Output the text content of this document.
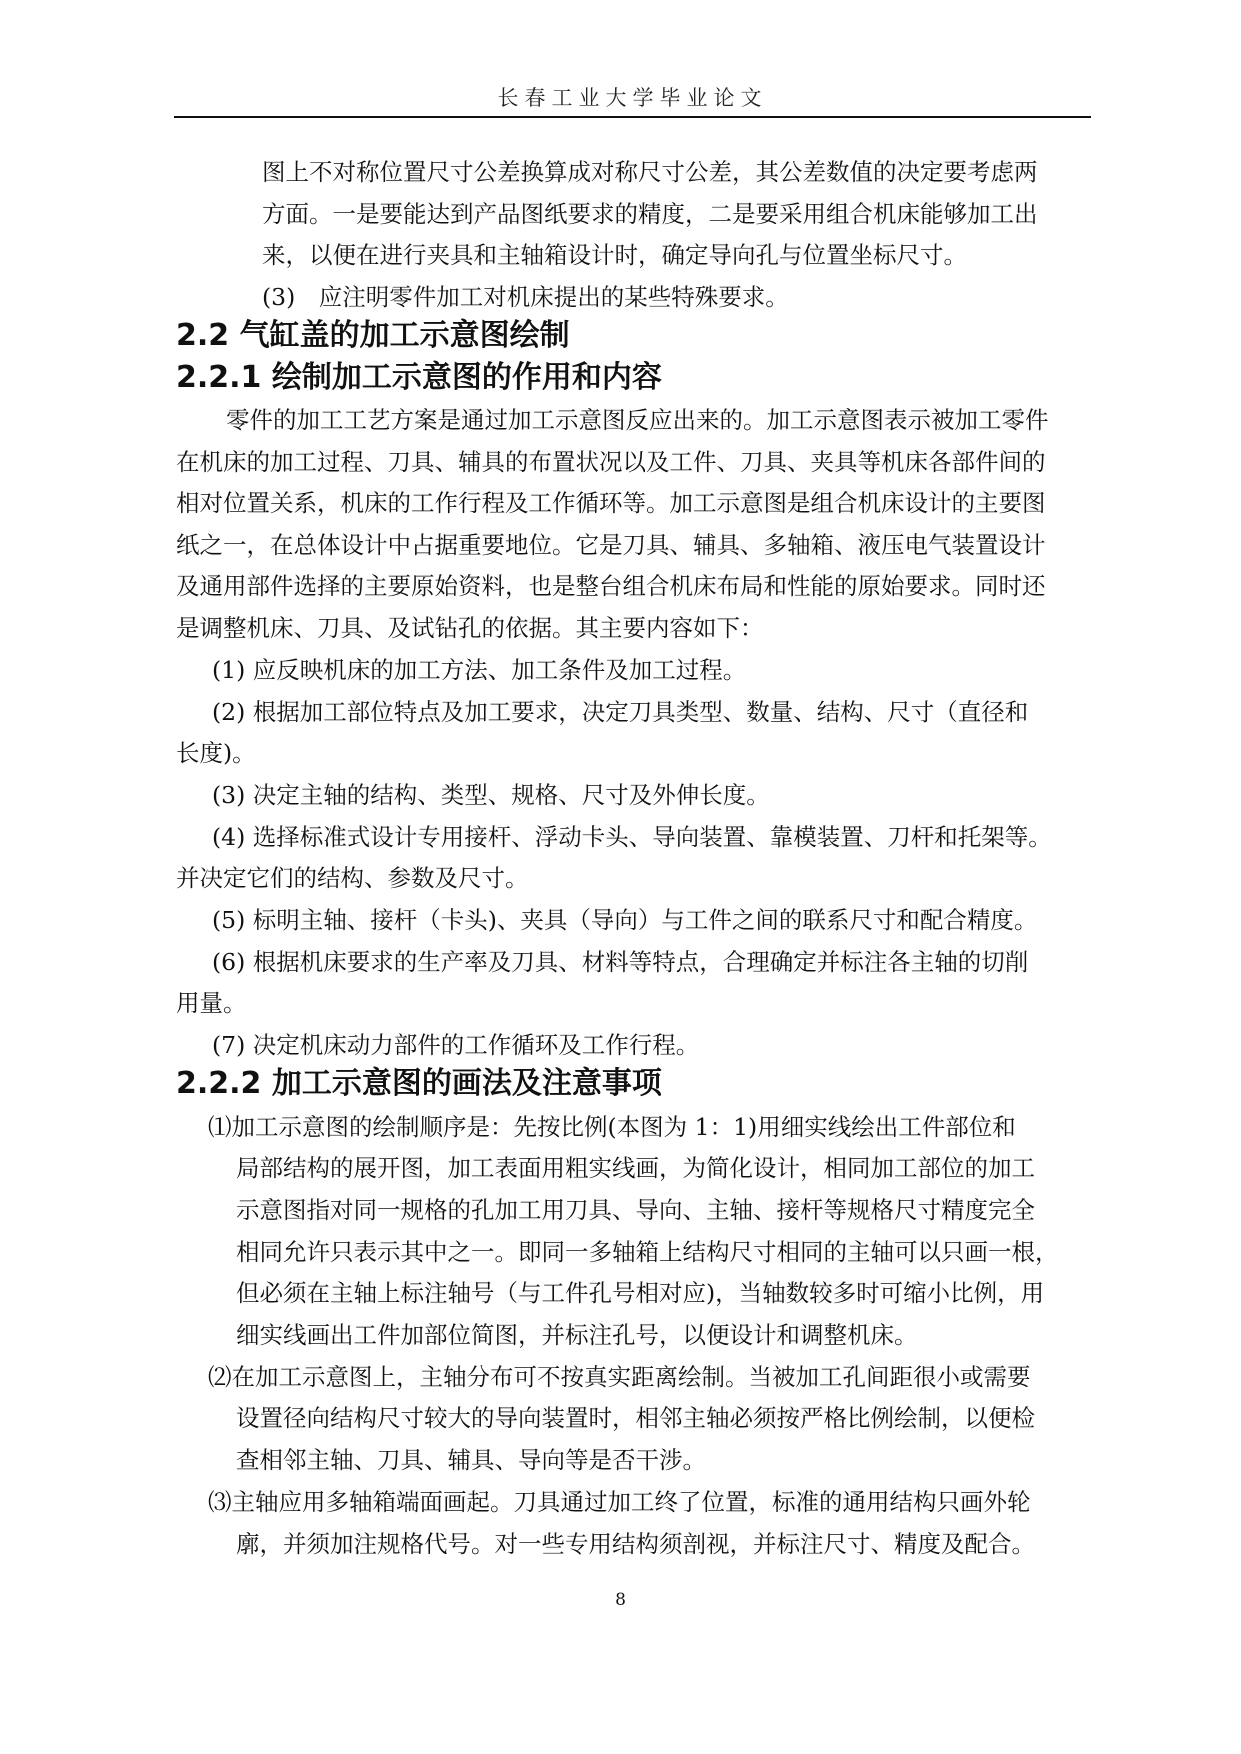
长春工业大学毕业论文
图上不对称位置尺寸公差换算成对称尺寸公差，其公差数值的决定要考虑两
方面。一是要能达到产品图纸要求的精度，二是要采用组合机床能够加工出
来，以便在进行夹具和主轴箱设计时，确定导向孔与位置坐标尺寸。
(3)　应注明零件加工对机床提出的某些特殊要求。
2.2 气缸盖的加工示意图绘制
2.2.1 绘制加工示意图的作用和内容
零件的加工工艺方案是通过加工示意图反应出来的。加工示意图表示被加工零件
在机床的加工过程、刀具、辅具的布置状况以及工件、刀具、夹具等机床各部件间的
相对位置关系，机床的工作行程及工作循环等。加工示意图是组合机床设计的主要图
纸之一，在总体设计中占据重要地位。它是刀具、辅具、多轴箱、液压电气装置设计
及通用部件选择的主要原始资料，也是整台组合机床布局和性能的原始要求。同时还
是调整机床、刀具、及试钻孔的依据。其主要内容如下：
(1) 应反映机床的加工方法、加工条件及加工过程。
(2) 根据加工部位特点及加工要求，决定刀具类型、数量、结构、尺寸（直径和
长度)。
(3) 决定主轴的结构、类型、规格、尺寸及外伸长度。
(4) 选择标准式设计专用接杆、浮动卡头、导向装置、靠模装置、刀杆和托架等。
并决定它们的结构、参数及尺寸。
(5) 标明主轴、接杆（卡头)、夹具（导向）与工件之间的联系尺寸和配合精度。
(6) 根据机床要求的生产率及刀具、材料等特点，合理确定并标注各主轴的切削
用量。
(7) 决定机床动力部件的工作循环及工作行程。
2.2.2 加工示意图的画法及注意事项
⑴加工示意图的绘制顺序是：先按比例(本图为 1：1)用细实线绘出工件部位和
局部结构的展开图，加工表面用粗实线画，为简化设计，相同加工部位的加工
示意图指对同一规格的孔加工用刀具、导向、主轴、接杆等规格尺寸精度完全
相同允许只表示其中之一。即同一多轴箱上结构尺寸相同的主轴可以只画一根，
但必须在主轴上标注轴号（与工件孔号相对应)，当轴数较多时可缩小比例，用
细实线画出工件加部位简图，并标注孔号，以便设计和调整机床。
⑵在加工示意图上，主轴分布可不按真实距离绘制。当被加工孔间距很小或需要
设置径向结构尺寸较大的导向装置时，相邻主轴必须按严格比例绘制，以便检
查相邻主轴、刀具、辅具、导向等是否干涉。
⑶主轴应用多轴箱端面画起。刀具通过加工终了位置，标准的通用结构只画外轮
廓，并须加注规格代号。对一些专用结构须剖视，并标注尺寸、精度及配合。
8
